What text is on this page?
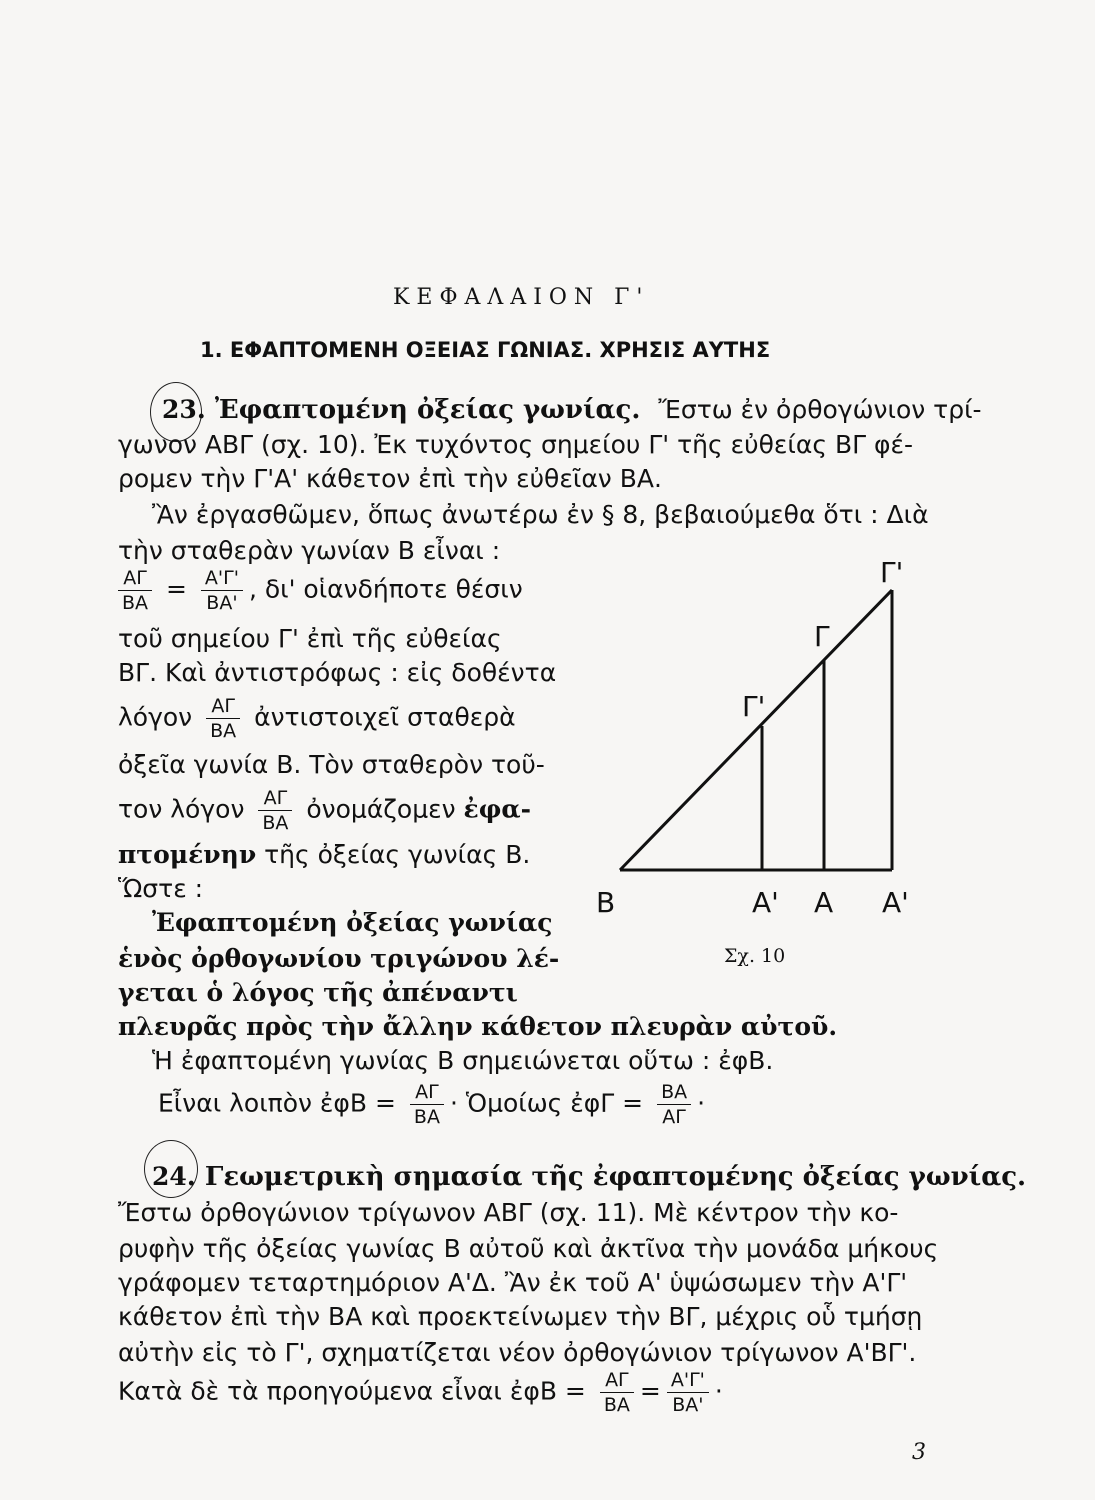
ΚΕΦΑΛΑΙΟΝ Γ'
1. ΕΦΑΠΤΟΜΕΝΗ ΟΞΕΙΑΣ ΓΩΝΙΑΣ. ΧΡΗΣΙΣ ΑΥΤΗΣ
23. Ἐφαπτομένη ὀξείας γωνίας. Ἔστω ἐν ὀρθογώνιον τρί-
γωνον ΑΒΓ (σχ. 10). Ἐκ τυχόντος σημείου Γ' τῆς εὐθείας ΒΓ φέ-
ρομεν τὴν Γ'Α' κάθετον ἐπὶ τὴν εὐθεῖαν ΒΑ.
Ἂν ἐργασθῶμεν, ὅπως ἀνωτέρω ἐν § 8, βεβαιούμεθα ὅτι : Διὰ
τὴν σταθερὰν γωνίαν Β εἶναι :
$\frac{A\Gamma}{BA} = \frac{A'\Gamma'}{BA'}$ , δι' οἱανδήποτε θέσιν
τοῦ σημείου Γ' ἐπὶ τῆς εὐθείας
ΒΓ. Καὶ ἀντιστρόφως : εἰς δοθέντα
λόγον $\frac{A\Gamma}{BA}$ ἀντιστοιχεῖ σταθερὰ
ὀξεῖα γωνία Β. Τὸν σταθερὸν τοῦ-
τον λόγον $\frac{A\Gamma}{BA}$ ὀνομάζομεν ἐφα-
πτομένην τῆς ὀξείας γωνίας Β.
Ὥστε :
Ἐφαπτομένη ὀξείας γωνίας
ἑνὸς ὀρθογωνίου τριγώνου λέ-
γεται ὁ λόγος τῆς ἀπέναντι
πλευρᾶς πρὸς τὴν ἄλλην κάθετον πλευρὰν αὐτοῦ.
Ἡ ἐφαπτομένη γωνίας Β σημειώνεται οὕτω : ἐφΒ.
Εἶναι λοιπὸν ἐφΒ = $\frac{A\Gamma}{BA}$ · Ὁμοίως ἐφΓ = $\frac{BA}{A\Gamma}$ ·
Β	Α' Α Α'
Γ'
Γ
Γ'
Σχ. 10
24. Γεωμετρικὴ σημασία τῆς ἐφαπτομένης ὀξείας γωνίας.
Ἔστω ὀρθογώνιον τρίγωνον ΑΒΓ (σχ. 11). Μὲ κέντρον τὴν κο-
ρυφὴν τῆς ὀξείας γωνίας Β αὐτοῦ καὶ ἀκτῖνα τὴν μονάδα μήκους
γράφομεν τεταρτημόριον Α'Δ. Ἂν ἐκ τοῦ Α' ὑψώσωμεν τὴν Α'Γ'
κάθετον ἐπὶ τὴν ΒΑ καὶ προεκτείνωμεν τὴν ΒΓ, μέχρις οὗ τμήσῃ
αὐτὴν εἰς τὸ Γ', σχηματίζεται νέον ὀρθογώνιον τρίγωνον Α'ΒΓ'.
Κατὰ δὲ τὰ προηγούμενα εἶναι ἐφΒ = $\frac{A\Gamma}{BA} = \frac{A'\Gamma'}{BA'}$ ·
3
